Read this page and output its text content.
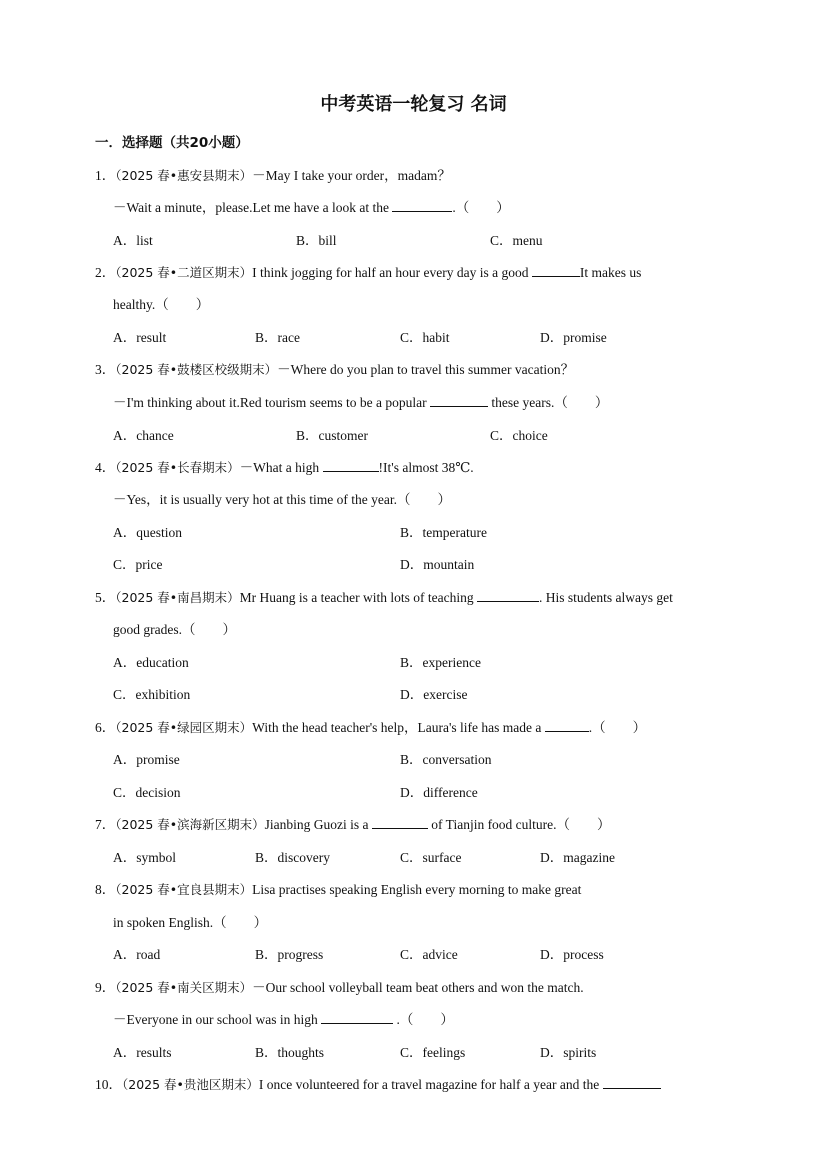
中考英语一轮复习 名词
一．选择题（共20小题）
1．（2025 春•惠安县期末）－May I take your order，madam？
－Wait a minute，please.Let me have a look at the	.（　　）
A．list	B．bill	C．menu
2．（2025 春•二道区期末）I think jogging for half an hour every day is a good	It makes us
healthy.（　　）
A．result	B．race	C．habit	D．promise
3．（2025 春•鼓楼区校级期末）－Where do you plan to travel this summer vacation？
－I'm thinking about it.Red tourism seems to be a popular	these years.（　　）
A．chance	B．customer	C．choice
4．（2025 春•长春期末）－What a high	!It's almost 38℃.
－Yes，it is usually very hot at this time of the year.（　　）
A．question	B．temperature
C．price	D．mountain
5．（2025 春•南昌期末）Mr Huang is a teacher with lots of teaching	. His students always get
good grades.（　　）
A．education	B．experience
C．exhibition	D．exercise
6．（2025 春•绿园区期末）With the head teacher's help，Laura's life has made a	.（　　）
A．promise	B．conversation
C．decision	D．difference
7．（2025 春•滨海新区期末）Jianbing Guozi is a	of Tianjin food culture.（　　）
A．symbol	B．discovery	C．surface	D．magazine
8．（2025 春•宜良县期末）Lisa practises speaking English every morning to make great
in spoken English.（　　）
A．road	B．progress	C．advice	D．process
9．（2025 春•南关区期末）－Our school volleyball team beat others and won the match.
－Everyone in our school was in high	.（　　）
A．results	B．thoughts	C．feelings	D．spirits
10．（2025 春•贵池区期末）I once volunteered for a travel magazine for half a year and the
